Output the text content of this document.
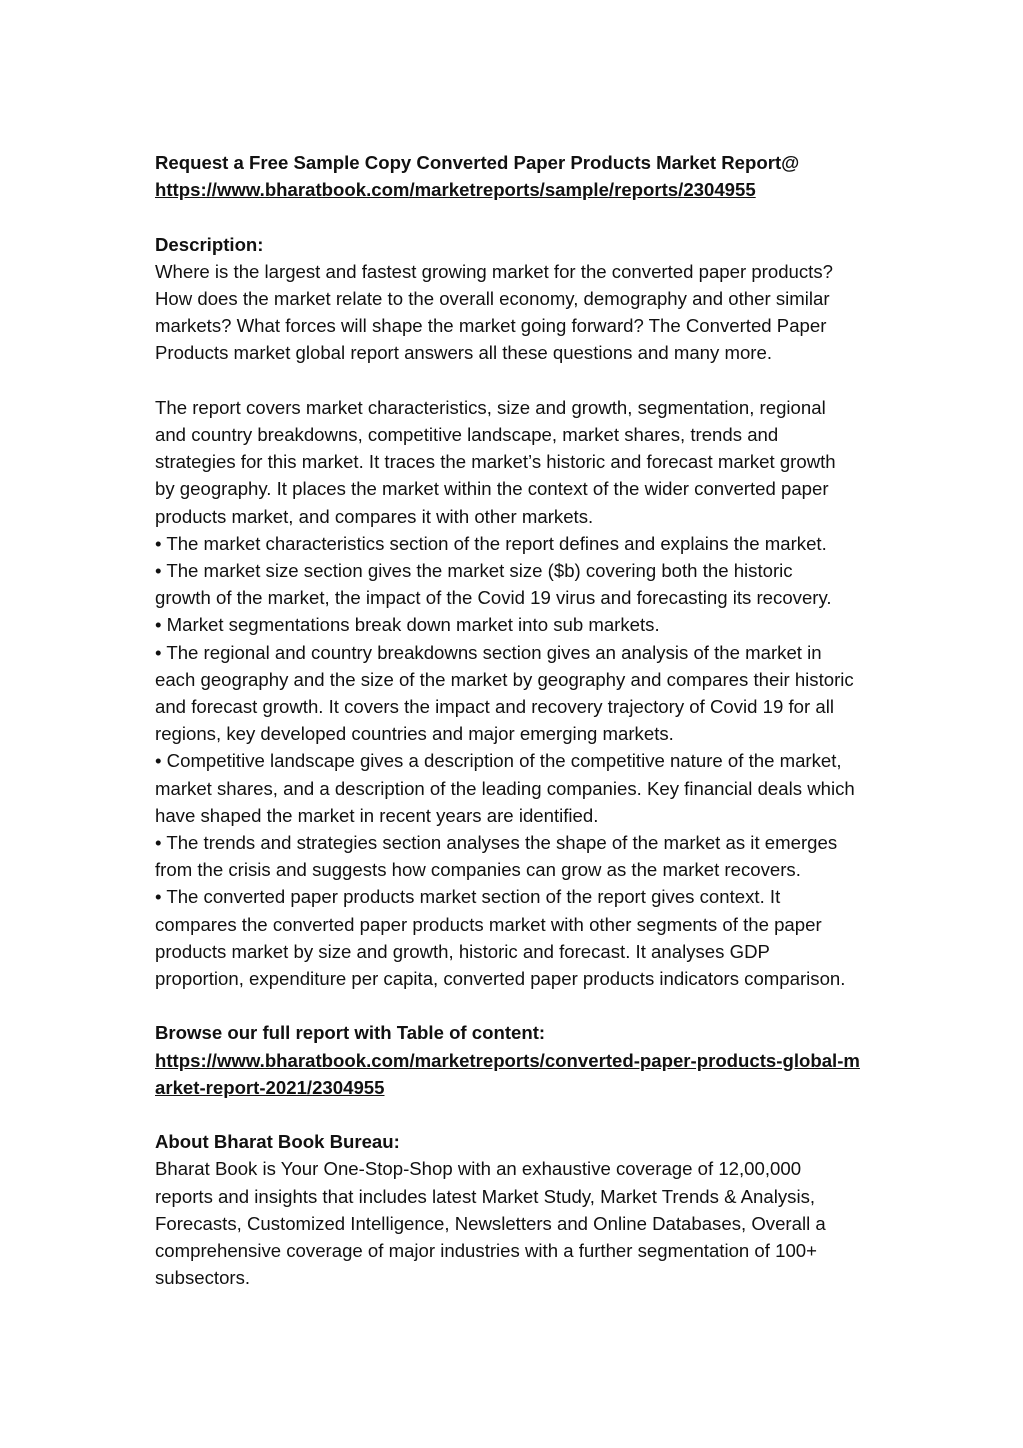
Request a Free Sample Copy Converted Paper Products Market Report@
https://www.bharatbook.com/marketreports/sample/reports/2304955
Description:
Where is the largest and fastest growing market for the converted paper products?
How does the market relate to the overall economy, demography and other similar
markets? What forces will shape the market going forward? The Converted Paper
Products market global report answers all these questions and many more.
The report covers market characteristics, size and growth, segmentation, regional
and country breakdowns, competitive landscape, market shares, trends and
strategies for this market. It traces the market’s historic and forecast market growth
by geography. It places the market within the context of the wider converted paper
products market, and compares it with other markets.
• The market characteristics section of the report defines and explains the market.
• The market size section gives the market size ($b) covering both the historic
growth of the market, the impact of the Covid 19 virus and forecasting its recovery.
• Market segmentations break down market into sub markets.
• The regional and country breakdowns section gives an analysis of the market in
each geography and the size of the market by geography and compares their historic
and forecast growth. It covers the impact and recovery trajectory of Covid 19 for all
regions, key developed countries and major emerging markets.
• Competitive landscape gives a description of the competitive nature of the market,
market shares, and a description of the leading companies. Key financial deals which
have shaped the market in recent years are identified.
• The trends and strategies section analyses the shape of the market as it emerges
from the crisis and suggests how companies can grow as the market recovers.
• The converted paper products market section of the report gives context. It
compares the converted paper products market with other segments of the paper
products market by size and growth, historic and forecast. It analyses GDP
proportion, expenditure per capita, converted paper products indicators comparison.
Browse our full report with Table of content:
https://www.bharatbook.com/marketreports/converted-paper-products-global-m
arket-report-2021/2304955
About Bharat Book Bureau:
Bharat Book is Your One-Stop-Shop with an exhaustive coverage of 12,00,000
reports and insights that includes latest Market Study, Market Trends & Analysis,
Forecasts, Customized Intelligence, Newsletters and Online Databases, Overall a
comprehensive coverage of major industries with a further segmentation of 100+
subsectors.
